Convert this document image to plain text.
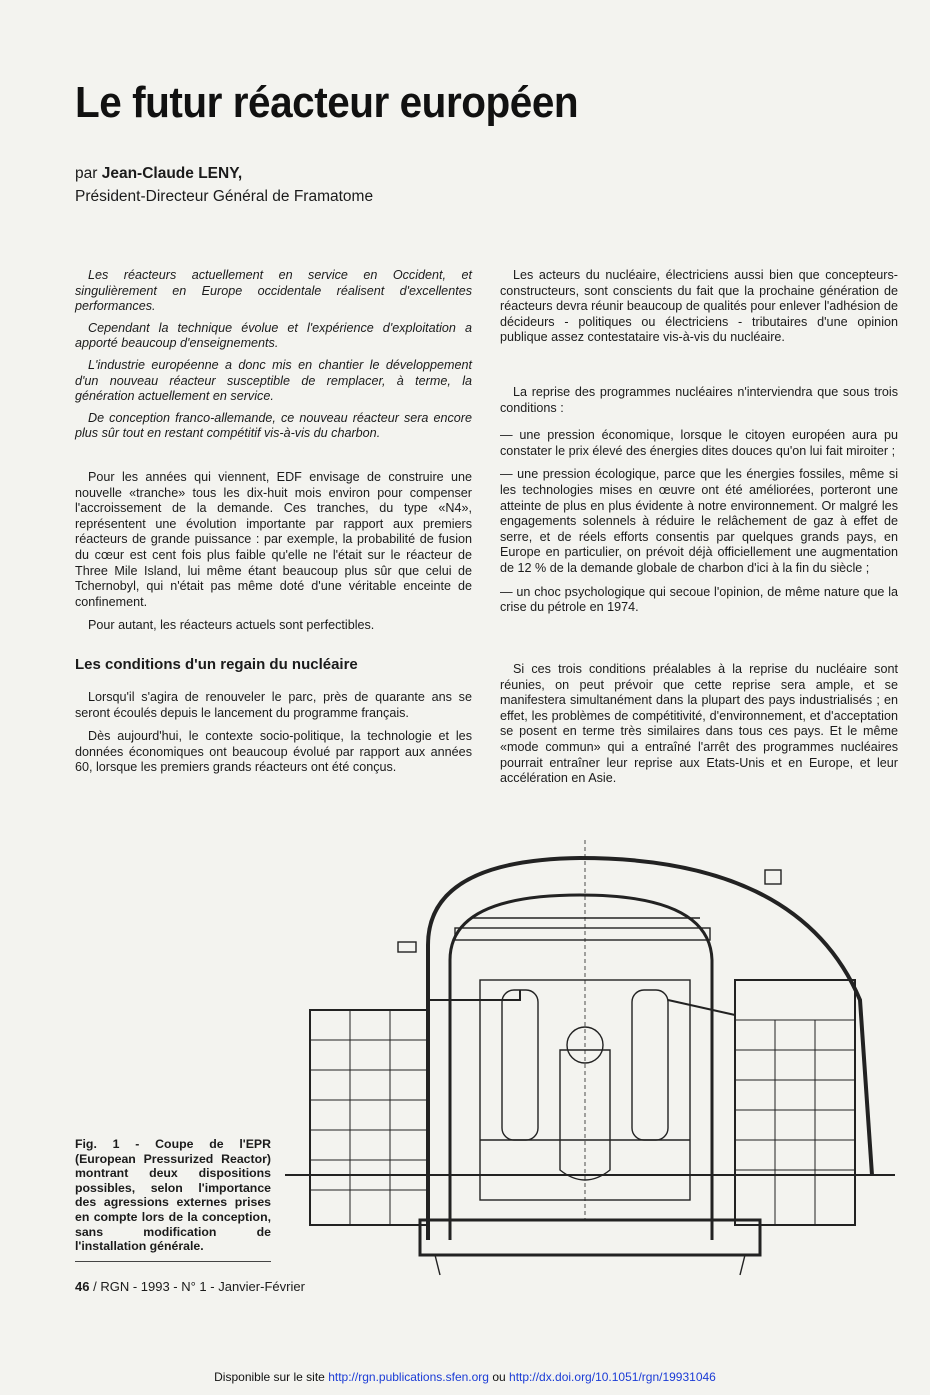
Le futur réacteur européen
par Jean-Claude LENY,
Président-Directeur Général de Framatome

Les réacteurs actuellement en service en Occident, et singulièrement en Europe occidentale réalisent d'excellentes performances.

Cependant la technique évolue et l'expérience d'exploitation a apporté beaucoup d'enseignements.

L'industrie européenne a donc mis en chantier le développement d'un nouveau réacteur susceptible de remplacer, à terme, la génération actuellement en service.

De conception franco-allemande, ce nouveau réacteur sera encore plus sûr tout en restant compétitif vis-à-vis du charbon.

Pour les années qui viennent, EDF envisage de construire une nouvelle «tranche» tous les dix-huit mois environ pour compenser l'accroissement de la demande. Ces tranches, du type «N4», représentent une évolution importante par rapport aux premiers réacteurs de grande puissance : par exemple, la probabilité de fusion du cœur est cent fois plus faible qu'elle ne l'était sur le réacteur de Three Mile Island, lui même étant beaucoup plus sûr que celui de Tchernobyl, qui n'était pas même doté d'une véritable enceinte de confinement.

Pour autant, les réacteurs actuels sont perfectibles.

Les conditions d'un regain du nucléaire

Lorsqu'il s'agira de renouveler le parc, près de quarante ans se seront écoulés depuis le lancement du programme français.

Dès aujourd'hui, le contexte socio-politique, la technologie et les données économiques ont beaucoup évolué par rapport aux années 60, lorsque les premiers grands réacteurs ont été conçus.

Les acteurs du nucléaire, électriciens aussi bien que concepteurs-constructeurs, sont conscients du fait que la prochaine génération de réacteurs devra réunir beaucoup de qualités pour enlever l'adhésion de décideurs - politiques ou électriciens - tributaires d'une opinion publique assez contestataire vis-à-vis du nucléaire.

La reprise des programmes nucléaires n'interviendra que sous trois conditions :

— une pression économique, lorsque le citoyen européen aura pu constater le prix élevé des énergies dites douces qu'on lui fait miroiter ;

— une pression écologique, parce que les énergies fossiles, même si les technologies mises en œuvre ont été améliorées, porteront une atteinte de plus en plus évidente à notre environnement. Or malgré les engagements solennels à réduire le relâchement de gaz à effet de serre, et de réels efforts consentis par quelques grands pays, en Europe en particulier, on prévoit déjà officiellement une augmentation de 12 % de la demande globale de charbon d'ici à la fin du siècle ;

— un choc psychologique qui secoue l'opinion, de même nature que la crise du pétrole en 1974.

Si ces trois conditions préalables à la reprise du nucléaire sont réunies, on peut prévoir que cette reprise sera ample, et se manifestera simultanément dans la plupart des pays industrialisés ; en effet, les problèmes de compétitivité, d'environnement, et d'acceptation se posent en terme très similaires dans tous ces pays. Et le même «mode commun» qui a entraîné l'arrêt des programmes nucléaires pourrait entraîner leur reprise aux Etats-Unis et en Europe, et leur accélération en Asie.

Fig. 1 - Coupe de l'EPR (European Pressurized Reactor) montrant deux dispositions possibles, selon l'importance des agressions externes prises en compte lors de la conception, sans modification de l'installation générale.

46 / RGN - 1993 - N° 1 - Janvier-Février
Disponible sur le site http://rgn.publications.sfen.org ou http://dx.doi.org/10.1051/rgn/19931046
